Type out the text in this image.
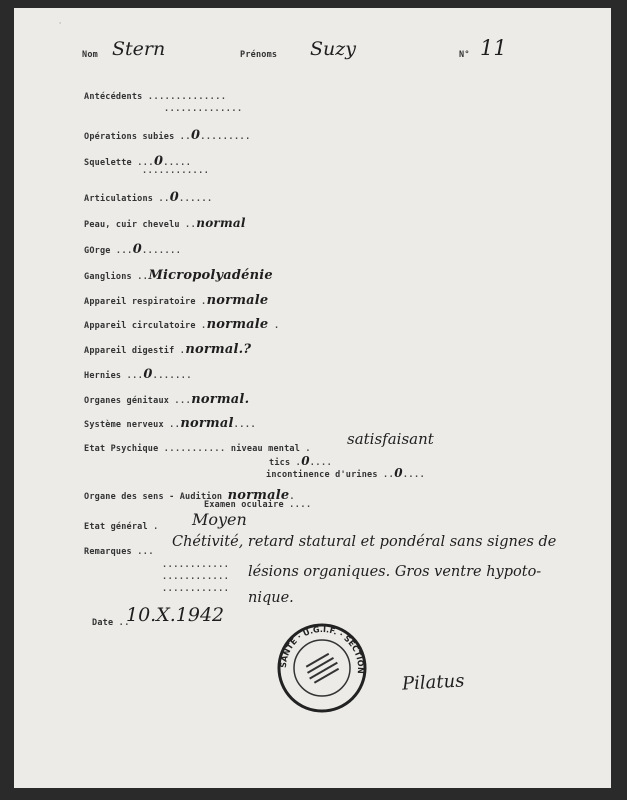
'
Nom Stern	Prénoms Suzy	N° 11
Antécédents ..............
..............
Opérations subies ..0.........
Squelette ...0.....
............
Articulations ..0......
Peau, cuir chevelu ..normal
GOrge ...0.......
Ganglions ..Micropolyadénie
Appareil respiratoire .normale
Appareil circulatoire .normale .
Appareil digestif .normal.?
Hernies ...0.......
Organes génitaux ...normal.
Système nerveux ..normal....
Etat Psychique ........... niveau mental .
satisfaisant
tics .0....
incontinence d'urines ..0....
Organe des sens - Audition normale.
Examen oculaire ....
Etat général . Moyen
Remarques ...
............
............
............
Chétivité, retard statural et pondéral sans signes de
lésions organiques. Gros ventre hypoto-
nique.
Date ..
10.X.1942
SANTÉ · U.G.I.F. · SECTION
Pilatus
